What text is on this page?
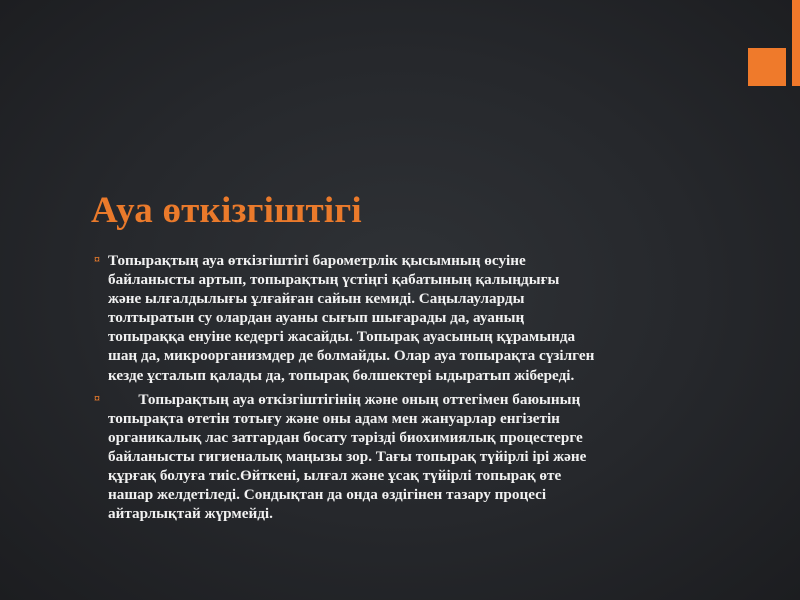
Ауа өткізгіштігі
¤ Топырақтың ауа өткізгіштігі барометрлік қысымның өсуіне
байланысты артып, топырақтың үстіңгі қабатының қалыңдығы
және ылғалдылығы ұлғайған сайын кемиді. Саңылауларды
толтыратын су олардан ауаны сығып шығарады да, ауаның
топыраққа енуіне кедергі жасайды. Топырақ ауасының құрамында
шаң да, микроорганизмдер де болмайды. Олар ауа топырақта сүзілген
кезде ұсталып қалады да, топырақ бөлшектері ыдыратып жібереді.
¤ Топырақтың ауа өткізгіштігінің және оның оттегімен баюының
топырақта өтетін тотығу және оны адам мен жануарлар енгізетін
органикалық лас затгардан босату тәрізді биохимиялық процестерге
байланысты гигиеналық маңызы зор. Тағы топырақ түйірлі ірі және
құрғақ болуға тиіс.Өйткені, ылғал және ұсақ түйірлі топырақ өте
нашар желдетіледі. Сондықтан да онда өздігінен тазару процесі
айтарлықтай жүрмейді.
